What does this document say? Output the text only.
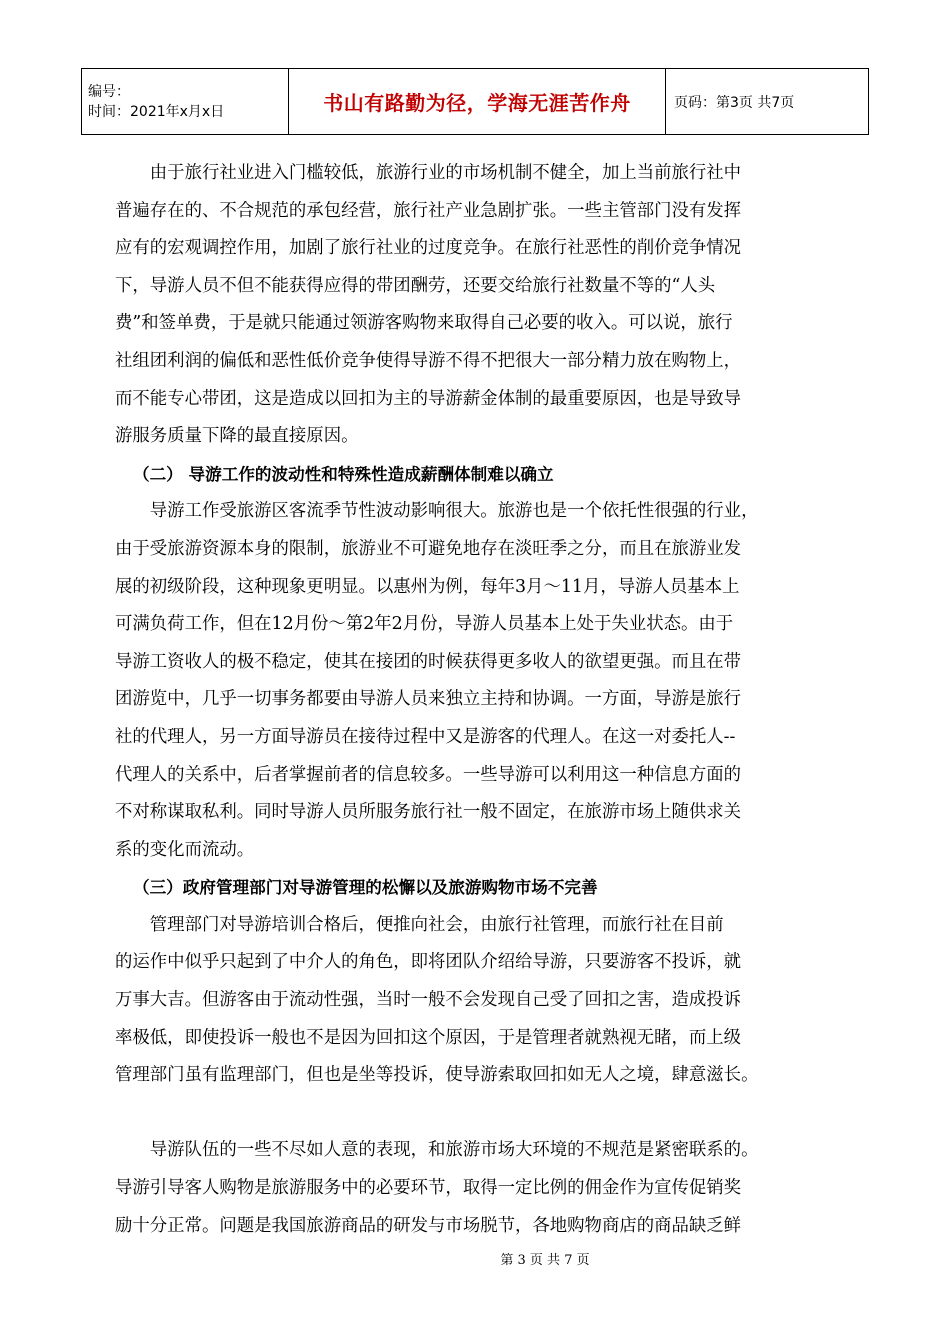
编号：
时间：2021年x月x日	书山有路勤为径，学海无涯苦作舟	页码：第3页 共7页
　　由于旅行社业进入门槛较低，旅游行业的市场机制不健全，加上当前旅行社中
普遍存在的、不合规范的承包经营，旅行社产业急剧扩张。一些主管部门没有发挥
应有的宏观调控作用，加剧了旅行社业的过度竞争。在旅行社恶性的削价竞争情况
下，导游人员不但不能获得应得的带团酬劳，还要交给旅行社数量不等的“人头
费”和签单费，于是就只能通过领游客购物来取得自己必要的收入。可以说，旅行
社组团利润的偏低和恶性低价竞争使得导游不得不把很大一部分精力放在购物上，
而不能专心带团，这是造成以回扣为主的导游薪金体制的最重要原因，也是导致导
游服务质量下降的最直接原因。
（二） 导游工作的波动性和特殊性造成薪酬体制难以确立
　　导游工作受旅游区客流季节性波动影响很大。旅游也是一个依托性很强的行业，
由于受旅游资源本身的限制，旅游业不可避免地存在淡旺季之分，而且在旅游业发
展的初级阶段，这种现象更明显。以惠州为例，每年3月～11月，导游人员基本上
可满负荷工作，但在12月份～第2年2月份，导游人员基本上处于失业状态。由于
导游工资收人的极不稳定，使其在接团的时候获得更多收人的欲望更强。而且在带
团游览中，几乎一切事务都要由导游人员来独立主持和协调。一方面，导游是旅行
社的代理人，另一方面导游员在接待过程中又是游客的代理人。在这一对委托人--
代理人的关系中，后者掌握前者的信息较多。一些导游可以利用这一种信息方面的
不对称谋取私利。同时导游人员所服务旅行社一般不固定，在旅游市场上随供求关
系的变化而流动。
（三）政府管理部门对导游管理的松懈以及旅游购物市场不完善
　　管理部门对导游培训合格后，便推向社会，由旅行社管理，而旅行社在目前
的运作中似乎只起到了中介人的角色，即将团队介绍给导游，只要游客不投诉，就
万事大吉。但游客由于流动性强，当时一般不会发现自己受了回扣之害，造成投诉
率极低，即使投诉一般也不是因为回扣这个原因，于是管理者就熟视无睹，而上级
管理部门虽有监理部门，但也是坐等投诉，使导游索取回扣如无人之境，肆意滋长。
　　导游队伍的一些不尽如人意的表现，和旅游市场大环境的不规范是紧密联系的。
导游引导客人购物是旅游服务中的必要环节，取得一定比例的佣金作为宣传促销奖
励十分正常。问题是我国旅游商品的研发与市场脱节，各地购物商店的商品缺乏鲜
第 3 页 共 7 页
